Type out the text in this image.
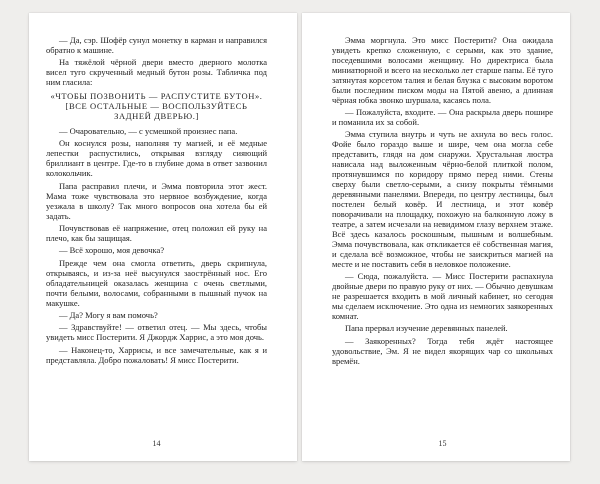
— Да, сэр. Шофёр сунул монетку в карман и направился обратно к машине.

На тяжёлой чёрной двери вместо дверного молотка висел туго скрученный медный бутон розы. Табличка под ним гласила:

«ЧТОБЫ ПОЗВОНИТЬ — РАСПУСТИТЕ БУТОН». [ВСЕ ОСТАЛЬНЫЕ — ВОСПОЛЬЗУЙТЕСЬ ЗАДНЕЙ ДВЕРЬЮ.]

— Очаровательно, — с усмешкой произнес папа.

Он коснулся розы, наполняя ту магией, и её медные лепестки распустились, открывая взгляду сияющий бриллиант в центре. Где-то в глубине дома в ответ зазвонил колокольчик.

Папа расправил плечи, и Эмма повторила этот жест. Мама тоже чувствовала это нервное возбуждение, когда уезжала в школу? Так много вопросов она хотела бы ей задать.

Почувствовав её напряжение, отец положил ей руку на плечо, как бы защищая.

— Всё хорошо, моя девочка?

Прежде чем она смогла ответить, дверь скрипнула, открываясь, и из-за неё высунулся заострённый нос. Его обладательницей оказалась женщина с очень светлыми, почти белыми, волосами, собранными в пышный пучок на макушке.

— Да? Могу я вам помочь?

— Здравствуйте! — ответил отец. — Мы здесь, чтобы увидеть мисс Постерити. Я Джордж Харрис, а это моя дочь.

— Наконец-то, Харрисы, и все замечательные, как я и представляла. Добро пожаловать! Я мисс Постерити.

14

Эмма моргнула. Это мисс Постерити? Она ожидала увидеть крепко сложенную, с серыми, как это здание, поседевшими волосами женщину. Но директриса была миниатюрной и всего на несколько лет старше папы. Её туго затянутая корсетом талия и белая блузка с высоким воротом были последним писком моды на Пятой авеню, а длинная чёрная юбка звонко шуршала, касаясь пола.

— Пожалуйста, входите. — Она раскрыла дверь пошире и поманила их за собой.

Эмма ступила внутрь и чуть не ахнула во весь голос. Фойе было гораздо выше и шире, чем она могла себе представить, глядя на дом снаружи. Хрустальная люстра нависала над выложенным чёрно-белой плиткой полом, протянувшимся по коридору прямо перед ними. Стены сверху были светло-серыми, а снизу покрыты тёмными деревянными панелями. Впереди, по центру лестницы, был постелен белый ковёр. И лестница, и этот ковёр поворачивали на площадку, похожую на балконную ложу в театре, а затем исчезали на невидимом глазу верхнем этаже. Всё здесь казалось роскошным, пышным и волшебным. Эмма почувствовала, как откликается её собственная магия, и сделала всё возможное, чтобы не заискриться магией на месте и не поставить себя в неловкое положение.

— Сюда, пожалуйста. — Мисс Постерити распахнула двойные двери по правую руку от них. — Обычно девушкам не разрешается входить в мой личный кабинет, но сегодня мы сделаем исключение. Это одна из немногих заякоренных комнат.

Папа прервал изучение деревянных панелей.

— Заякоренных? Тогда тебя ждёт настоящее удовольствие, Эм. Я не видел якорящих чар со школьных времён.

15
